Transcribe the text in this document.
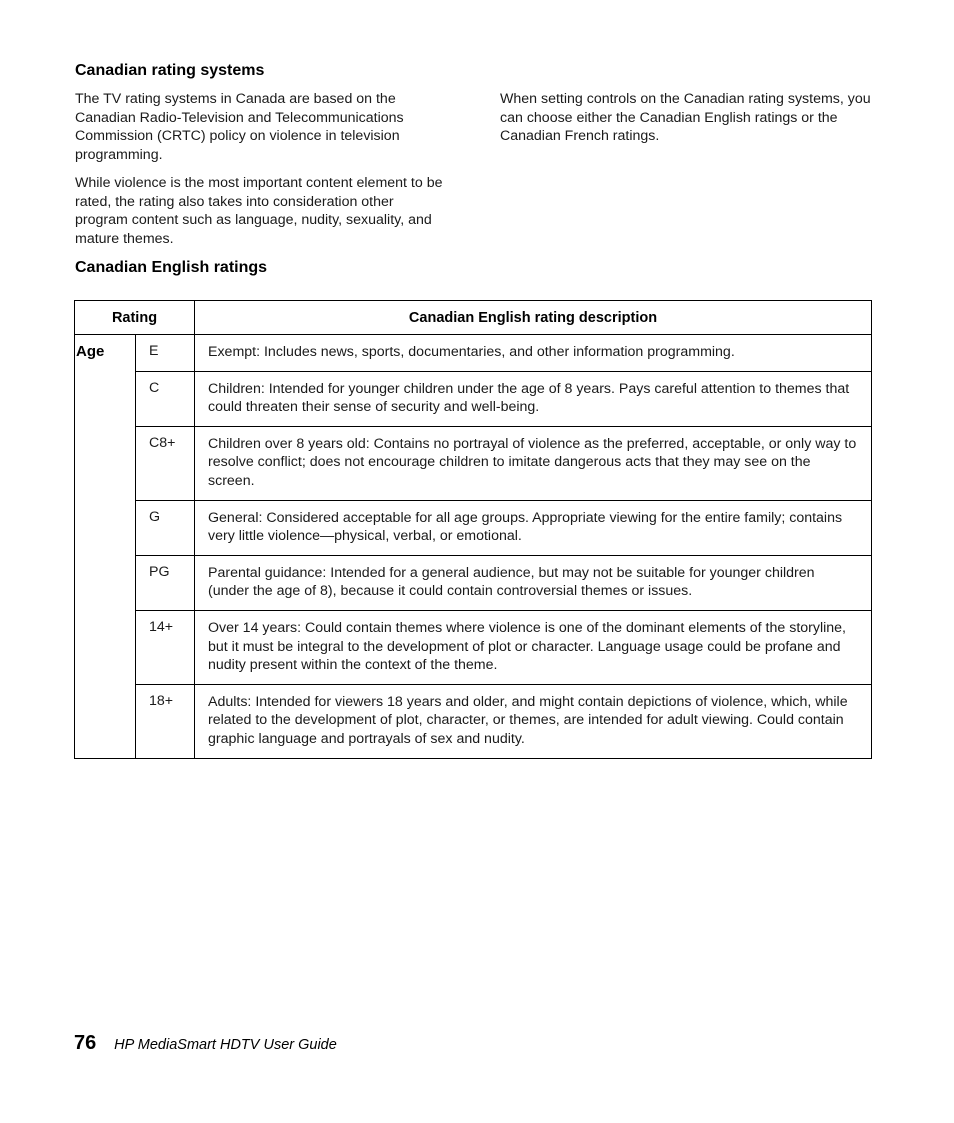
Canadian rating systems

The TV rating systems in Canada are based on the Canadian Radio-Television and Telecommunications Commission (CRTC) policy on violence in television programming.

While violence is the most important content element to be rated, the rating also takes into consideration other program content such as language, nudity, sexuality, and mature themes.

When setting controls on the Canadian rating systems, you can choose either the Canadian English ratings or the Canadian French ratings.

Canadian English ratings
Rating		Canadian English rating description
Age	E	Exempt: Includes news, sports, documentaries, and other information programming.
	C	Children: Intended for younger children under the age of 8 years. Pays careful attention to themes that could threaten their sense of security and well-being.
	C8+	Children over 8 years old: Contains no portrayal of violence as the preferred, acceptable, or only way to resolve conflict; does not encourage children to imitate dangerous acts that they may see on the screen.
	G	General: Considered acceptable for all age groups. Appropriate viewing for the entire family; contains very little violence—physical, verbal, or emotional.
	PG	Parental guidance: Intended for a general audience, but may not be suitable for younger children (under the age of 8), because it could contain controversial themes or issues.
	14+	Over 14 years: Could contain themes where violence is one of the dominant elements of the storyline, but it must be integral to the development of plot or character. Language usage could be profane and nudity present within the context of the theme.
	18+	Adults: Intended for viewers 18 years and older, and might contain depictions of violence, which, while related to the development of plot, character, or themes, are intended for adult viewing. Could contain graphic language and portrayals of sex and nudity.
76 HP MediaSmart HDTV User Guide
